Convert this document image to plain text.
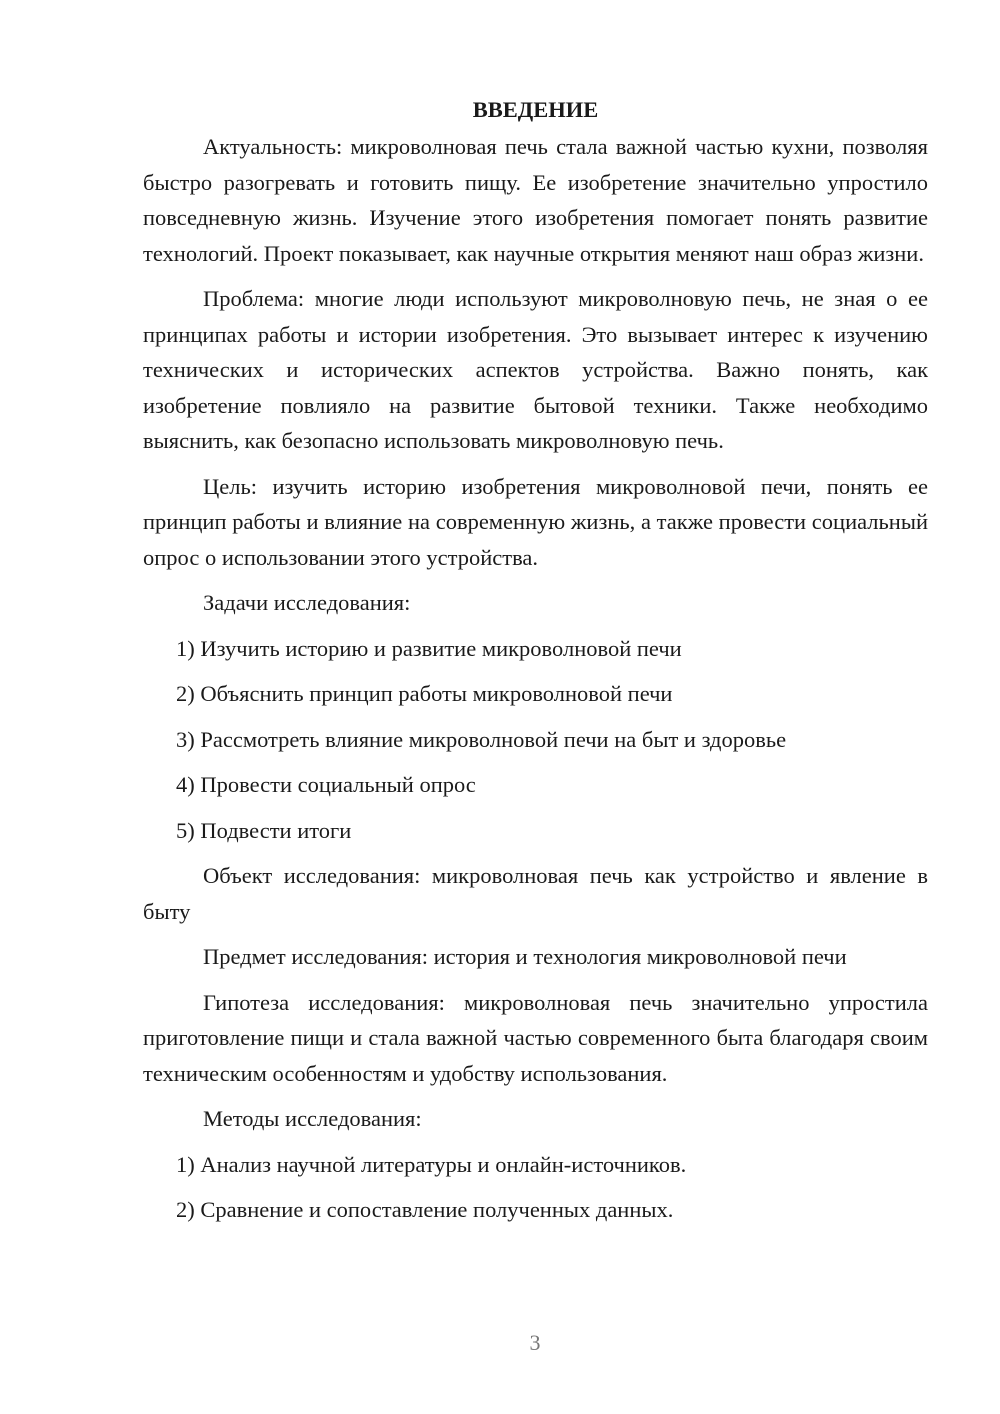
ВВЕДЕНИЕ

Актуальность: микроволновая печь стала важной частью кухни, позволяя быстро разогревать и готовить пищу. Ее изобретение значительно упростило повседневную жизнь. Изучение этого изобретения помогает понять развитие технологий. Проект показывает, как научные открытия меняют наш образ жизни.

Проблема: многие люди используют микроволновую печь, не зная о ее принципах работы и истории изобретения. Это вызывает интерес к изучению технических и исторических аспектов устройства. Важно понять, как изобретение повлияло на развитие бытовой техники. Также необходимо выяснить, как безопасно использовать микроволновую печь.

Цель: изучить историю изобретения микроволновой печи, понять ее принцип работы и влияние на современную жизнь, а также провести социальный опрос о использовании этого устройства.

Задачи исследования:

1) Изучить историю и развитие микроволновой печи
2) Объяснить принцип работы микроволновой печи
3) Рассмотреть влияние микроволновой печи на быт и здоровье
4) Провести социальный опрос
5) Подвести итоги

Объект исследования: микроволновая печь как устройство и явление в быту

Предмет исследования: история и технология микроволновой печи

Гипотеза исследования: микроволновая печь значительно упростила приготовление пищи и стала важной частью современного быта благодаря своим техническим особенностям и удобству использования.

Методы исследования:

1) Анализ научной литературы и онлайн-источников.
2) Сравнение и сопоставление полученных данных.
3
